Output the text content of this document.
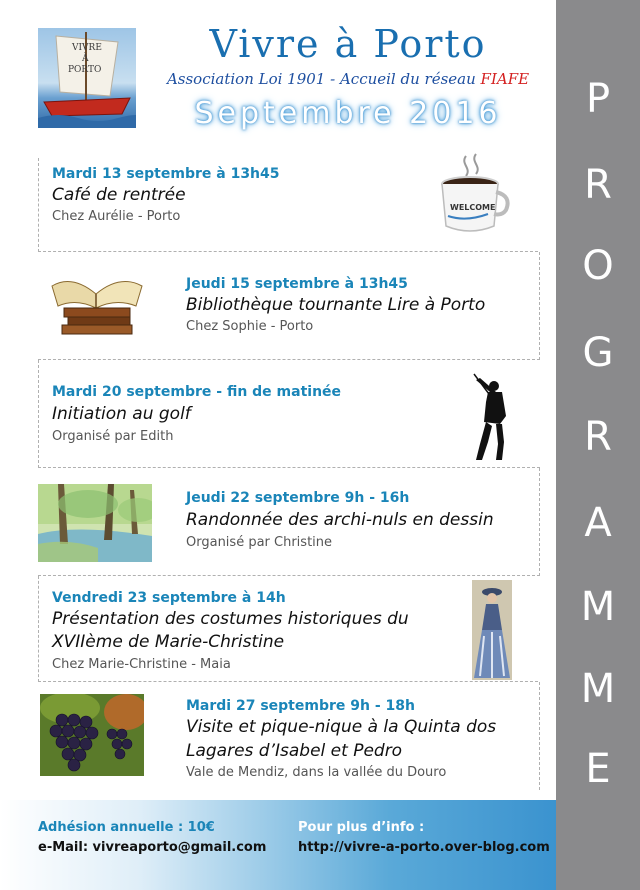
P
R
O
G
R
A
M
M
E
VIVRE
À
PORTO
Vivre à Porto
Association Loi 1901 - Accueil du réseau FIAFE
Septembre 2016
Mardi 13 septembre à 13h45
Café de rentrée
Chez Aurélie - Porto
WELCOME
Jeudi 15 septembre à 13h45
Bibliothèque tournante Lire à Porto
Chez Sophie - Porto
Mardi 20 septembre - fin de matinée
Initiation au golf
Organisé par Edith
Jeudi 22 septembre 9h - 16h
Randonnée des archi-nuls en dessin
Organisé par Christine
Vendredi 23 septembre à 14h
Présentation des costumes historiques du
XVIIème de Marie-Christine
Chez Marie-Christine - Maia
Mardi 27 septembre 9h - 18h
Visite et pique-nique à la Quinta dos
Lagares d’Isabel et Pedro
Vale de Mendiz, dans la vallée du Douro
Adhésion annuelle : 10€
e-Mail: vivreaporto@gmail.com
Pour plus d’info :
http://vivre-a-porto.over-blog.com
